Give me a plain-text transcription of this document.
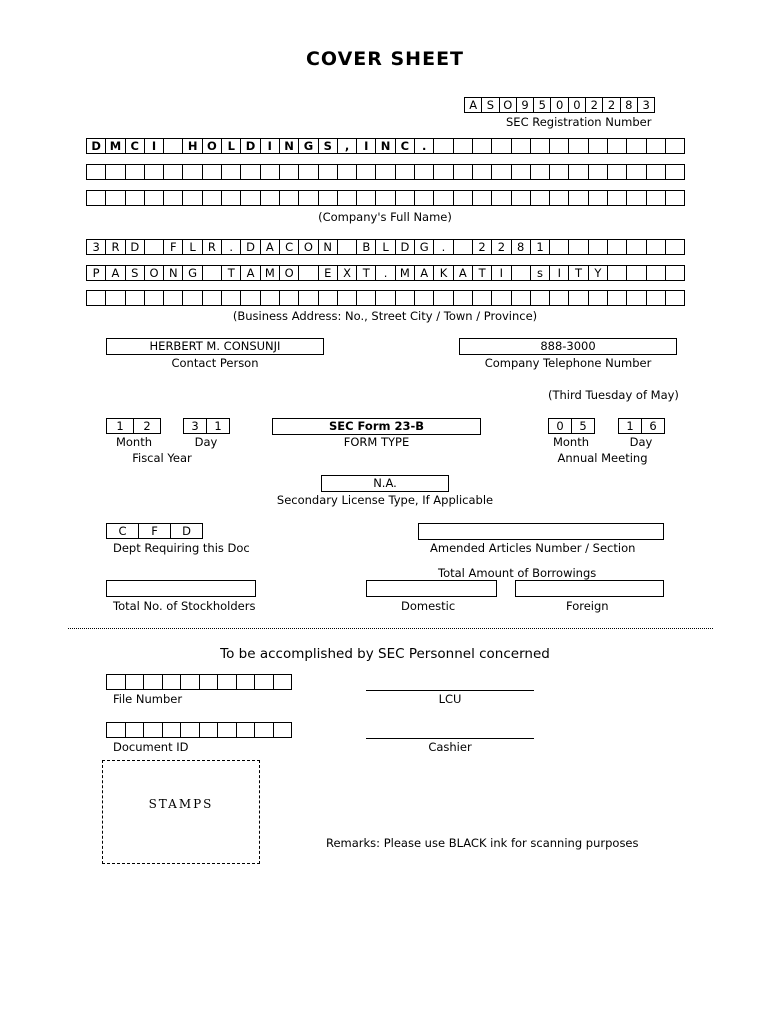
COVER SHEET
A S O 9 5 0 0 2 2 8 3
SEC Registration Number
D M C	I	H O L D	I	N G S	,	I	N C	.
(Company's Full Name)
3	R D	F	L	R	.	D A C O N	B	L	D G	.	2	2	8	1
P	A	S O N G	T	A M O	E	X	T	.	M A	K	A	T	I	s	I	T	Y
(Business Address: No., Street City / Town / Province)
HERBERT M. CONSUNJI
Contact Person
888-3000
Company Telephone Number
(Third Tuesday of May)
1	2	3	1
Month	Day
Fiscal Year
SEC Form 23-B
FORM TYPE
0	5	1	6
Month	Day
Annual Meeting
N.A.
Secondary License Type, If Applicable
C	F	D
Dept Requiring this Doc	Amended Articles Number / Section
Total Amount of Borrowings
Total No. of Stockholders	Domestic	Foreign
To be accomplished by SEC Personnel concerned
File Number	LCU
Document ID	Cashier
STAMPS
Remarks: Please use BLACK ink for scanning purposes
